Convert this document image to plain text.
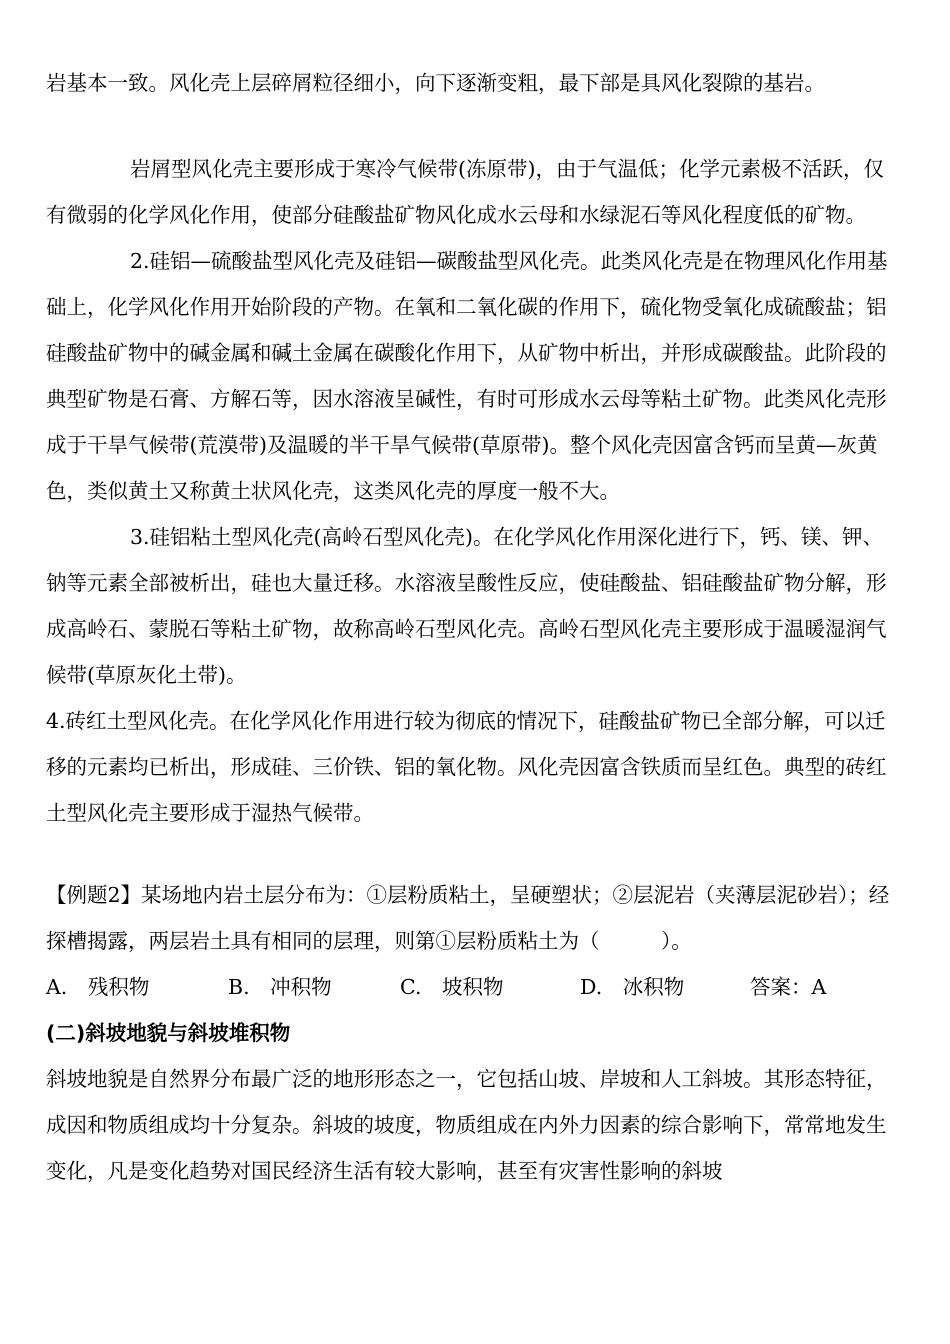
岩基本一致。风化壳上层碎屑粒径细小，向下逐渐变粗，最下部是具风化裂隙的基岩。

岩屑型风化壳主要形成于寒冷气候带(冻原带)，由于气温低；化学元素极不活跃，仅有微弱的化学风化作用，使部分硅酸盐矿物风化成水云母和水绿泥石等风化程度低的矿物。

2.硅铝—硫酸盐型风化壳及硅铝—碳酸盐型风化壳。此类风化壳是在物理风化作用基础上，化学风化作用开始阶段的产物。在氧和二氧化碳的作用下，硫化物受氧化成硫酸盐；铝硅酸盐矿物中的碱金属和碱土金属在碳酸化作用下，从矿物中析出，并形成碳酸盐。此阶段的典型矿物是石膏、方解石等，因水溶液呈碱性，有时可形成水云母等粘土矿物。此类风化壳形成于干旱气候带(荒漠带)及温暖的半干旱气候带(草原带)。整个风化壳因富含钙而呈黄—灰黄色，类似黄土又称黄土状风化壳，这类风化壳的厚度一般不大。

3.硅铝粘土型风化壳(高岭石型风化壳)。在化学风化作用深化进行下，钙、镁、钾、钠等元素全部被析出，硅也大量迁移。水溶液呈酸性反应，使硅酸盐、铝硅酸盐矿物分解，形成高岭石、蒙脱石等粘土矿物，故称高岭石型风化壳。高岭石型风化壳主要形成于温暖湿润气候带(草原灰化土带)。

4.砖红土型风化壳。在化学风化作用进行较为彻底的情况下，硅酸盐矿物已全部分解，可以迁移的元素均已析出，形成硅、三价铁、铝的氧化物。风化壳因富含铁质而呈红色。典型的砖红土型风化壳主要形成于湿热气候带。

【例题2】某场地内岩土层分布为：①层粉质粘土，呈硬塑状；②层泥岩（夹薄层泥砂岩）；经探槽揭露，两层岩土具有相同的层理，则第①层粉质粘土为（　　　）。

A.　残积物	B.　冲积物	C.　坡积物	D.　冰积物	答案：A
(二)斜坡地貌与斜坡堆积物

斜坡地貌是自然界分布最广泛的地形形态之一，它包括山坡、岸坡和人工斜坡。其形态特征，成因和物质组成均十分复杂。斜坡的坡度，物质组成在内外力因素的综合影响下，常常地发生变化，凡是变化趋势对国民经济生活有较大影响，甚至有灾害性影响的斜坡
